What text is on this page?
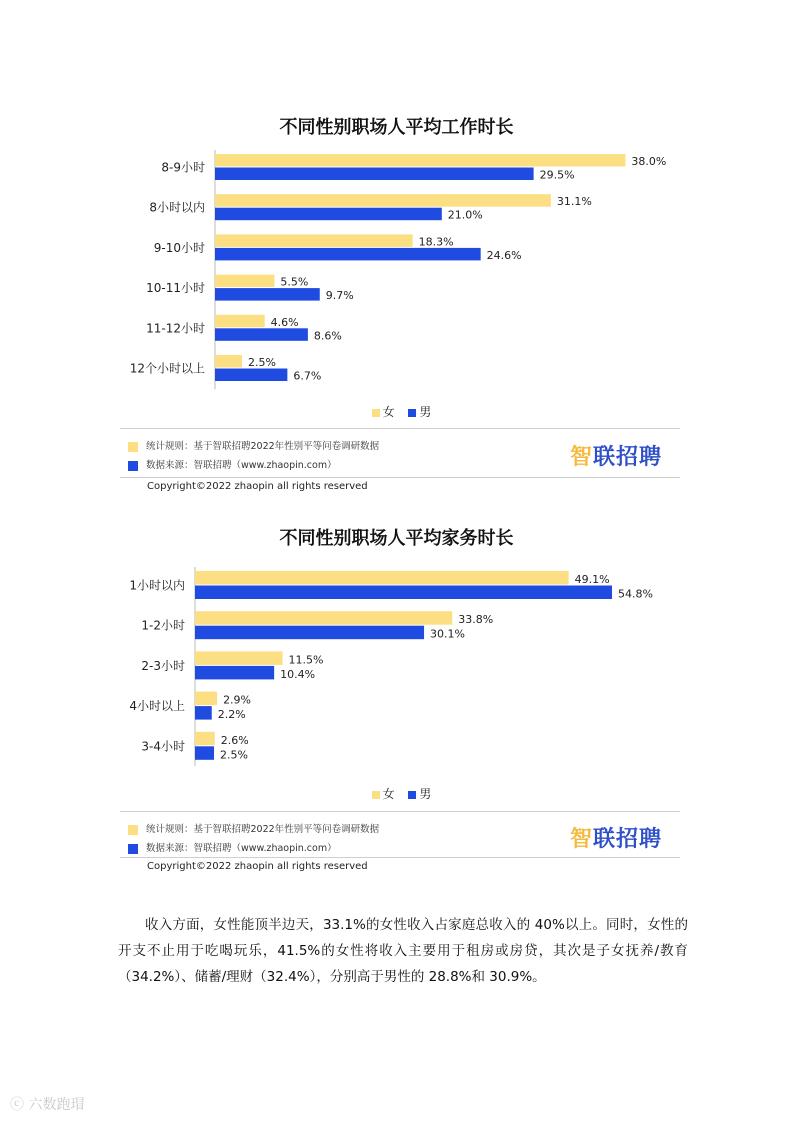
不同性别职场人平均工作时长
8-9小时	38.0%
29.5%
8小时以内	31.1%
21.0%
9-10小时	18.3%
24.6%
10-11小时	5.5%
9.7%
11-12小时	4.6%
8.6%
12个小时以上	2.5%
6.7%
女 男
统计规则：基于智联招聘2022年性别平等问卷调研数据
数据来源：智联招聘（www.zhaopin.com）	智联招聘
Copyright©2022 zhaopin all rights reserved
不同性别职场人平均家务时长
1小时以内	49.1%
54.8%
1-2小时	33.8%
30.1%
2-3小时	11.5%
10.4%
4小时以上	2.9%
2.2%
3-4小时	2.6%
2.5%
女 男
统计规则：基于智联招聘2022年性别平等问卷调研数据
数据来源：智联招聘（www.zhaopin.com）	智联招聘
Copyright©2022 zhaopin all rights reserved
收入方面，女性能顶半边天，33.1%的女性收入占家庭总收入的 40%以上。同时，女性的开支不止用于吃喝玩乐，41.5%的女性将收入主要用于租房或房贷，其次是子女抚养/教育（34.2%）、储蓄/理财（32.4%），分别高于男性的 28.8%和 30.9%。
ⓒ 六数跑瑁
